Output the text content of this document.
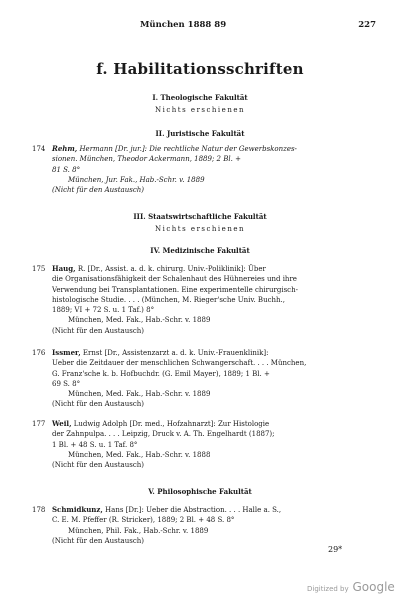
München 1888 89	227
f. Habilitationsschriften
I. Theologische Fakultät
Nichts erschienen
II. Juristische Fakultät
174 Rehm, Hermann [Dr. jur.]: Die rechtliche Natur der Gewerbskonzes-
sionen. München, Theodor Ackermann, 1889; 2 Bl. +
81 S. 8°
München, Jur. Fak., Hab.-Schr. v. 1889
(Nicht für den Austausch)
III. Staatswirtschaftliche Fakultät
Nichts erschienen
IV. Medizinische Fakultät
175 Haug, R. [Dr., Assist. a. d. k. chirurg. Univ.-Poliklinik]: Über
die Organisationsfähigkeit der Schalenhaut des Hühnereies und ihre
Verwendung bei Transplantationen. Eine experimentelle chirurgisch-
histologische Studie. . . . (München, M. Rieger'sche Univ. Buchh.,
1889; VI + 72 S. u. 1 Taf.) 8°
München, Med. Fak., Hab.-Schr. v. 1889
(Nicht für den Austausch)
176 Issmer, Ernst [Dr., Assistenzarzt a. d. k. Univ.-Frauenklinik]:
Ueber die Zeitdauer der menschlichen Schwangerschaft. . . . München,
G. Franz'sche k. b. Hofbuchdr. (G. Emil Mayer), 1889; 1 Bl. +
69 S. 8°
München, Med. Fak., Hab.-Schr. v. 1889
(Nicht für den Austausch)
177 Weil, Ludwig Adolph [Dr. med., Hofzahnarzt]: Zur Histologie
der Zahnpulpa. . . . Leipzig, Druck v. A. Th. Engelhardt (1887);
1 Bl. + 48 S. u. 1 Taf. 8°
München, Med. Fak., Hab.-Schr. v. 1888
(Nicht für den Austausch)
V. Philosophische Fakultät
178 Schmidkunz, Hans [Dr.]: Ueber die Abstraction. . . . Halle a. S.,
C. E. M. Pfeffer (R. Stricker), 1889; 2 Bl. + 48 S. 8°
München, Phil. Fak., Hab.-Schr. v. 1889
(Nicht für den Austausch)
29*
Digitized by Google
